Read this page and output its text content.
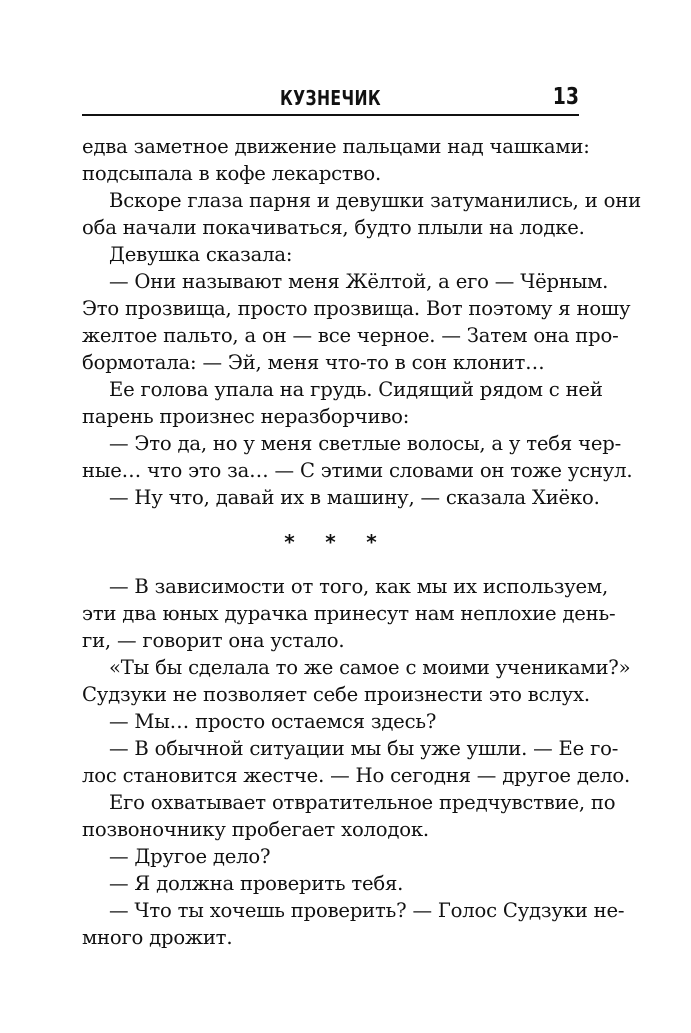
КУЗНЕЧИК	13
едва заметное движение пальцами над чашками:
подсыпала в кофе лекарство.
Вскоре глаза парня и девушки затуманились, и они
оба начали покачиваться, будто плыли на лодке.
Девушка сказала:
— Они называют меня Жёлтой, а его — Чёрным.
Это прозвища, просто прозвища. Вот поэтому я ношу
желтое пальто, а он — все черное. — Затем она про-
бормотала: — Эй, меня что-то в сон клонит…
Ее голова упала на грудь. Сидящий рядом с ней
парень произнес неразборчиво:
— Это да, но у меня светлые волосы, а у тебя чер-
ные… что это за… — С этими словами он тоже уснул.
— Ну что, давай их в машину, — сказала Хиёко.
* * *
— В зависимости от того, как мы их используем,
эти два юных дурачка принесут нам неплохие день-
ги, — говорит она устало.
«Ты бы сделала то же самое с моими учениками?»
Судзуки не позволяет себе произнести это вслух.
— Мы… просто остаемся здесь?
— В обычной ситуации мы бы уже ушли. — Ее го-
лос становится жестче. — Но сегодня — другое дело.
Его охватывает отвратительное предчувствие, по
позвоночнику пробегает холодок.
— Другое дело?
— Я должна проверить тебя.
— Что ты хочешь проверить? — Голос Судзуки не-
много дрожит.
